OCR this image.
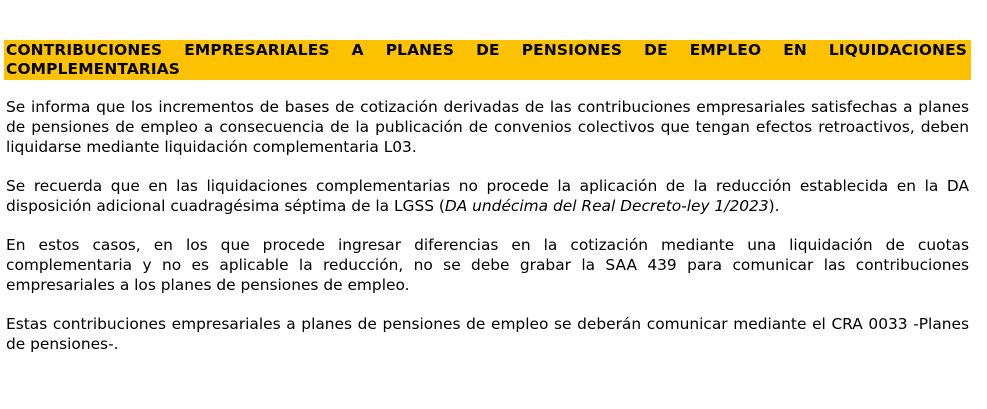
CONTRIBUCIONES EMPRESARIALES A PLANES DE PENSIONES DE EMPLEO EN LIQUIDACIONES COMPLEMENTARIAS

Se informa que los incrementos de bases de cotización derivadas de las contribuciones empresariales satisfechas a planes de pensiones de empleo a consecuencia de la publicación de convenios colectivos que tengan efectos retroactivos, deben liquidarse mediante liquidación complementaria L03.

Se recuerda que en las liquidaciones complementarias no procede la aplicación de la reducción establecida en la DA disposición adicional cuadragésima séptima de la LGSS (DA undécima del Real Decreto-ley 1/2023).

En estos casos, en los que procede ingresar diferencias en la cotización mediante una liquidación de cuotas complementaria y no es aplicable la reducción, no se debe grabar la SAA 439 para comunicar las contribuciones empresariales a los planes de pensiones de empleo.

Estas contribuciones empresariales a planes de pensiones de empleo se deberán comunicar mediante el CRA 0033 -Planes de pensiones-.
